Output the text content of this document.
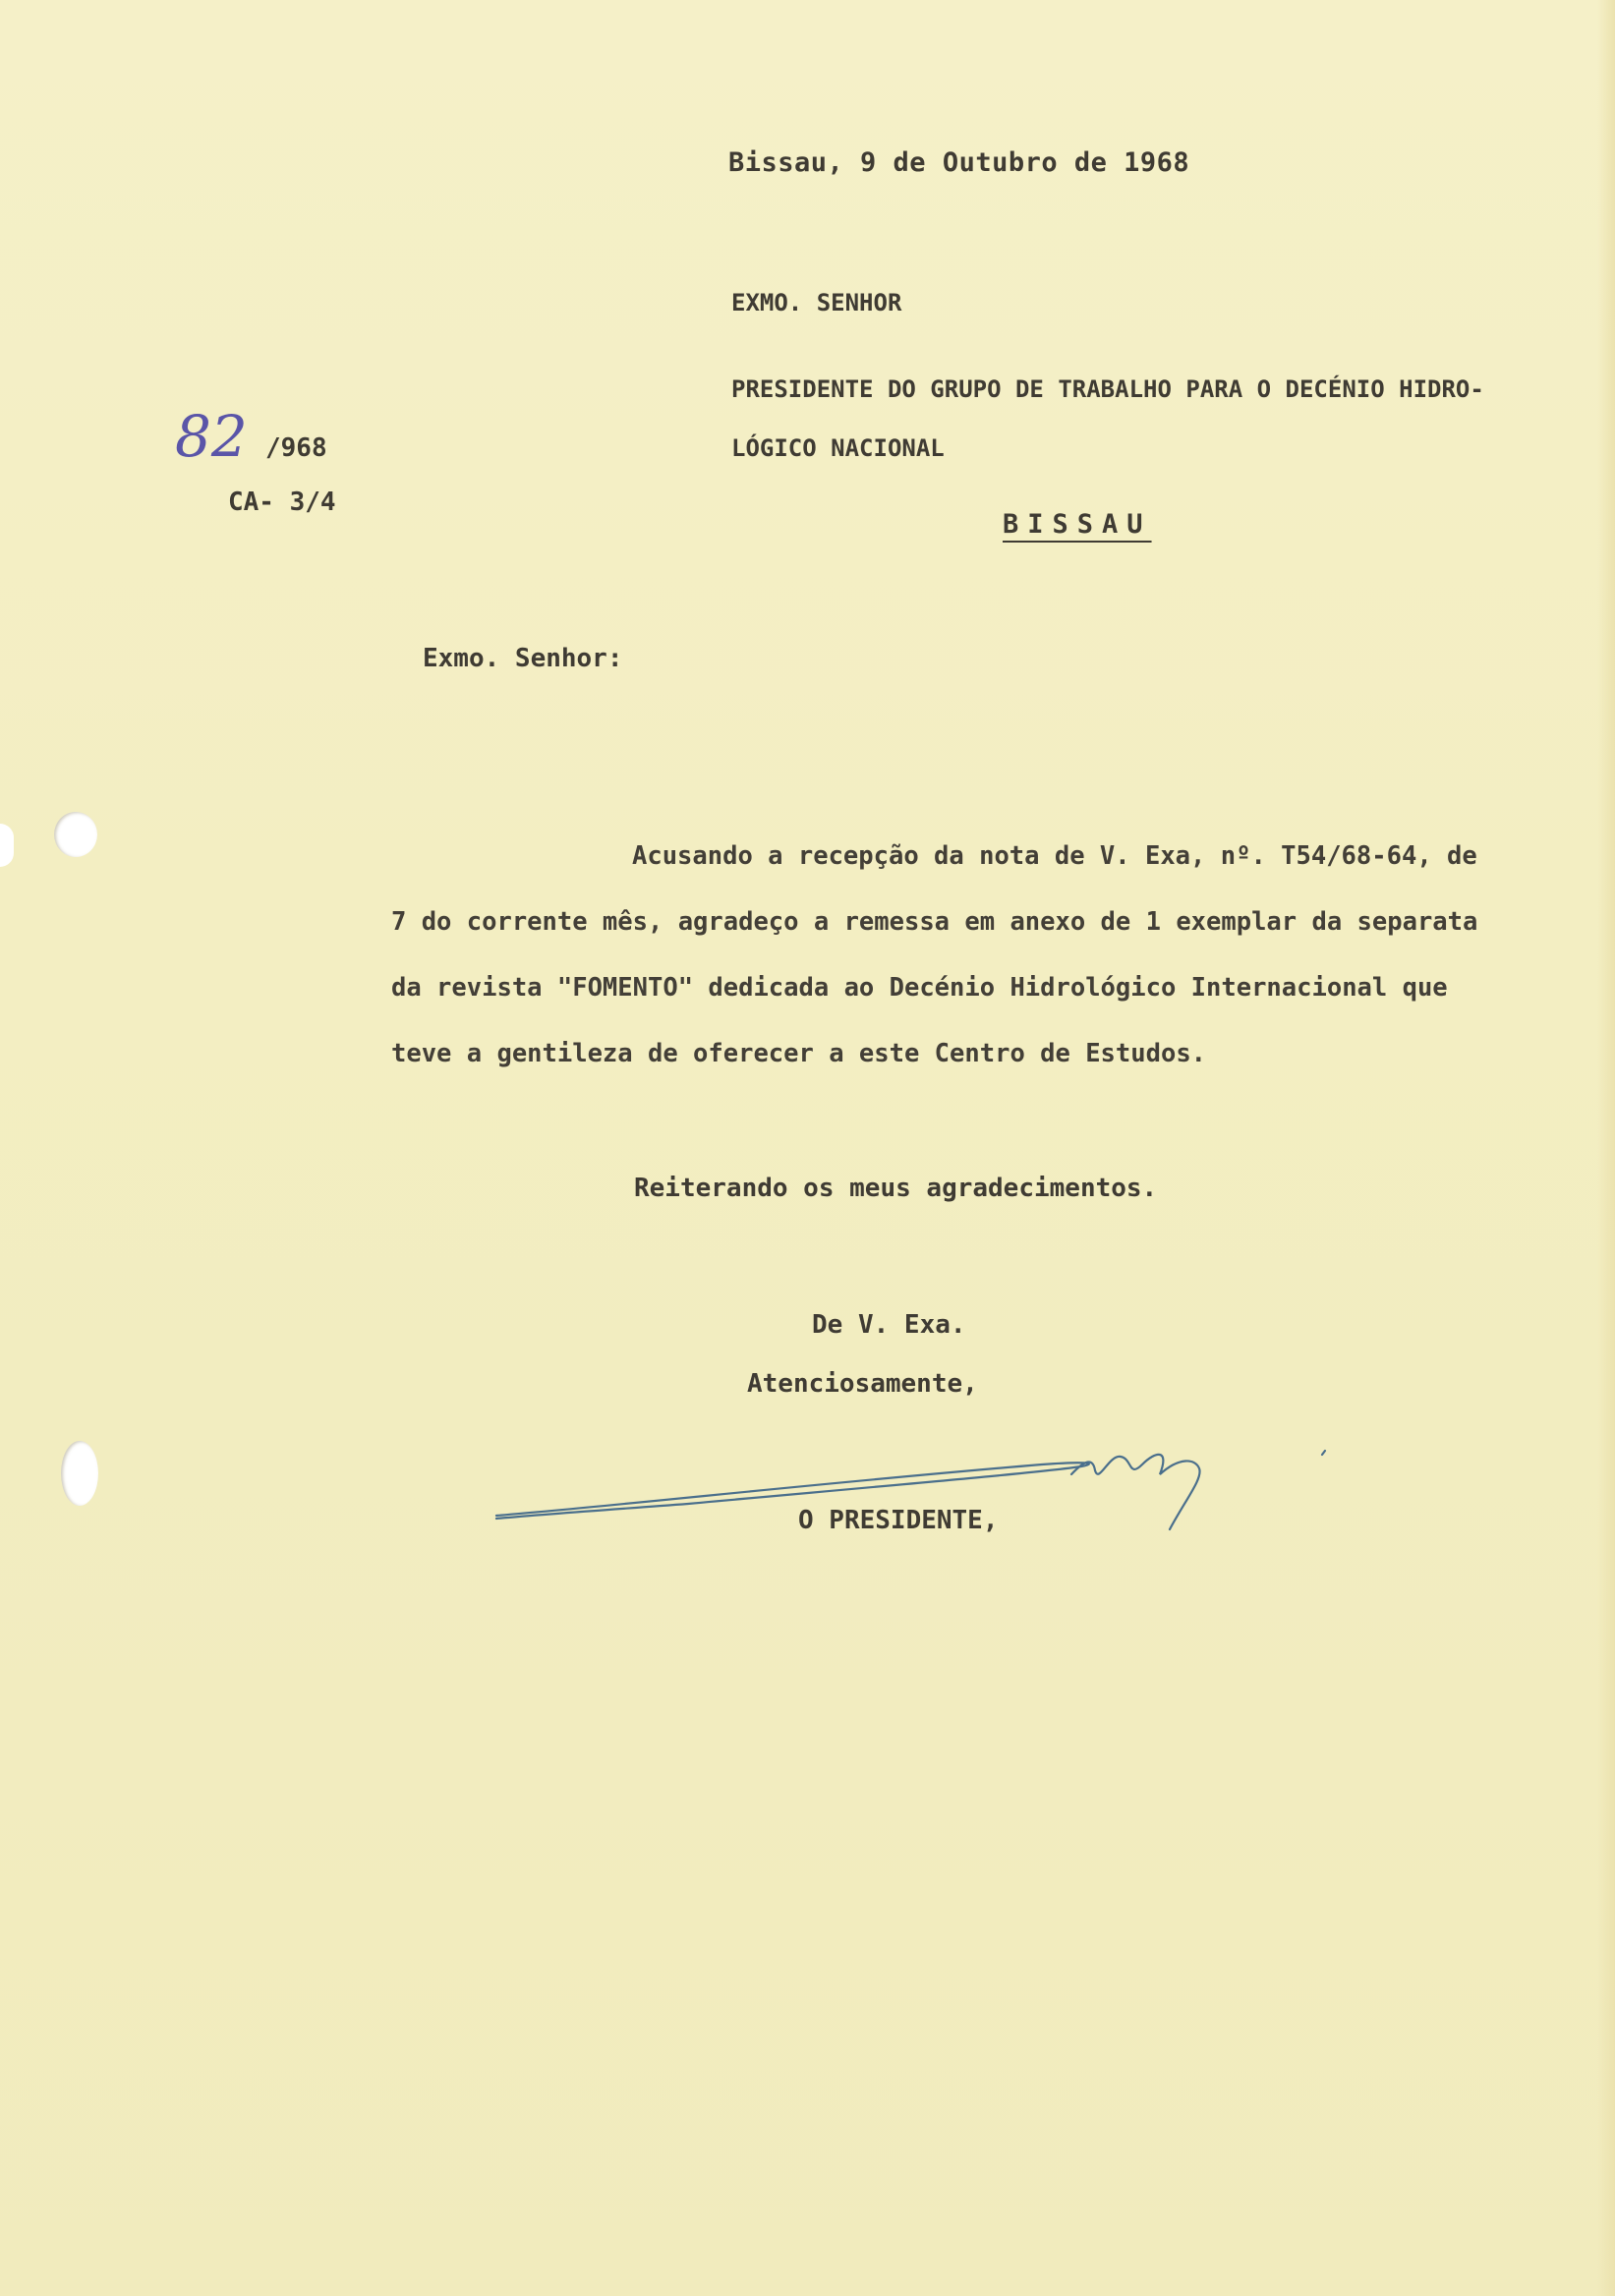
Bissau, 9 de Outubro de 1968

EXMO. SENHOR

PRESIDENTE DO GRUPO DE TRABALHO PARA O DECÉNIO HIDRO-

LÓGICO NACIONAL

BISSAU

82 /968

CA- 3/4

Exmo. Senhor:

Acusando a recepção da nota de V. Exa, nº. T54/68-64, de
7 do corrente mês, agradeço a remessa em anexo de 1 exemplar da separata
da revista "FOMENTO" dedicada ao Decénio Hidrológico Internacional que
teve a gentileza de oferecer a este Centro de Estudos.

Reiterando os meus agradecimentos.

De V. Exa.

Atenciosamente,

O PRESIDENTE,
